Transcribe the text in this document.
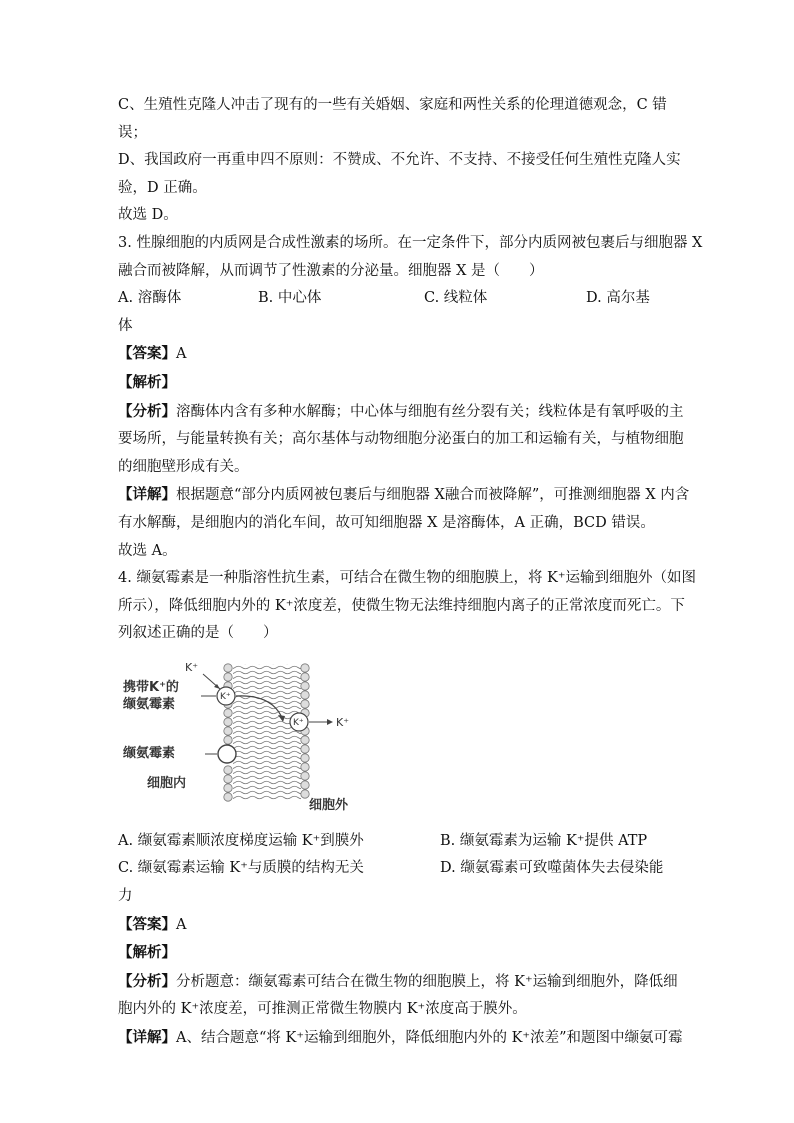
C、生殖性克隆人冲击了现有的一些有关婚姻、家庭和两性关系的伦理道德观念，C 错
误；
D、我国政府一再重申四不原则：不赞成、不允许、不支持、不接受任何生殖性克隆人实
验，D 正确。
故选 D。
3. 性腺细胞的内质网是合成性激素的场所。在一定条件下，部分内质网被包裹后与细胞器 X
融合而被降解，从而调节了性激素的分泌量。细胞器 X 是（　　）
A. 溶酶体	B. 中心体	C. 线粒体	D. 高尔基
体
【答案】A
【解析】
【分析】溶酶体内含有多种水解酶；中心体与细胞有丝分裂有关；线粒体是有氧呼吸的主
要场所，与能量转换有关；高尔基体与动物细胞分泌蛋白的加工和运输有关，与植物细胞
的细胞壁形成有关。
【详解】根据题意“部分内质网被包裹后与细胞器 X融合而被降解”，可推测细胞器 X 内含
有水解酶，是细胞内的消化车间，故可知细胞器 X 是溶酶体，A 正确，BCD 错误。
故选 A。
4. 缬氨霉素是一种脂溶性抗生素，可结合在微生物的细胞膜上，将 K⁺运输到细胞外（如图
所示），降低细胞内外的 K⁺浓度差，使微生物无法维持细胞内离子的正常浓度而死亡。下
列叙述正确的是（　　）
K⁺
携带K⁺的
缬氨霉素	K⁺
K⁺	K⁺
缬氨霉素
细胞内
细胞外
A. 缬氨霉素顺浓度梯度运输 K⁺到膜外	B. 缬氨霉素为运输 K⁺提供 ATP
C. 缬氨霉素运输 K⁺与质膜的结构无关	D. 缬氨霉素可致噬菌体失去侵染能
力
【答案】A
【解析】
【分析】分析题意：缬氨霉素可结合在微生物的细胞膜上，将 K⁺运输到细胞外，降低细
胞内外的 K⁺浓度差，可推测正常微生物膜内 K⁺浓度高于膜外。
【详解】A、结合题意“将 K⁺运输到细胞外，降低细胞内外的 K⁺浓差”和题图中缬氨可霉
